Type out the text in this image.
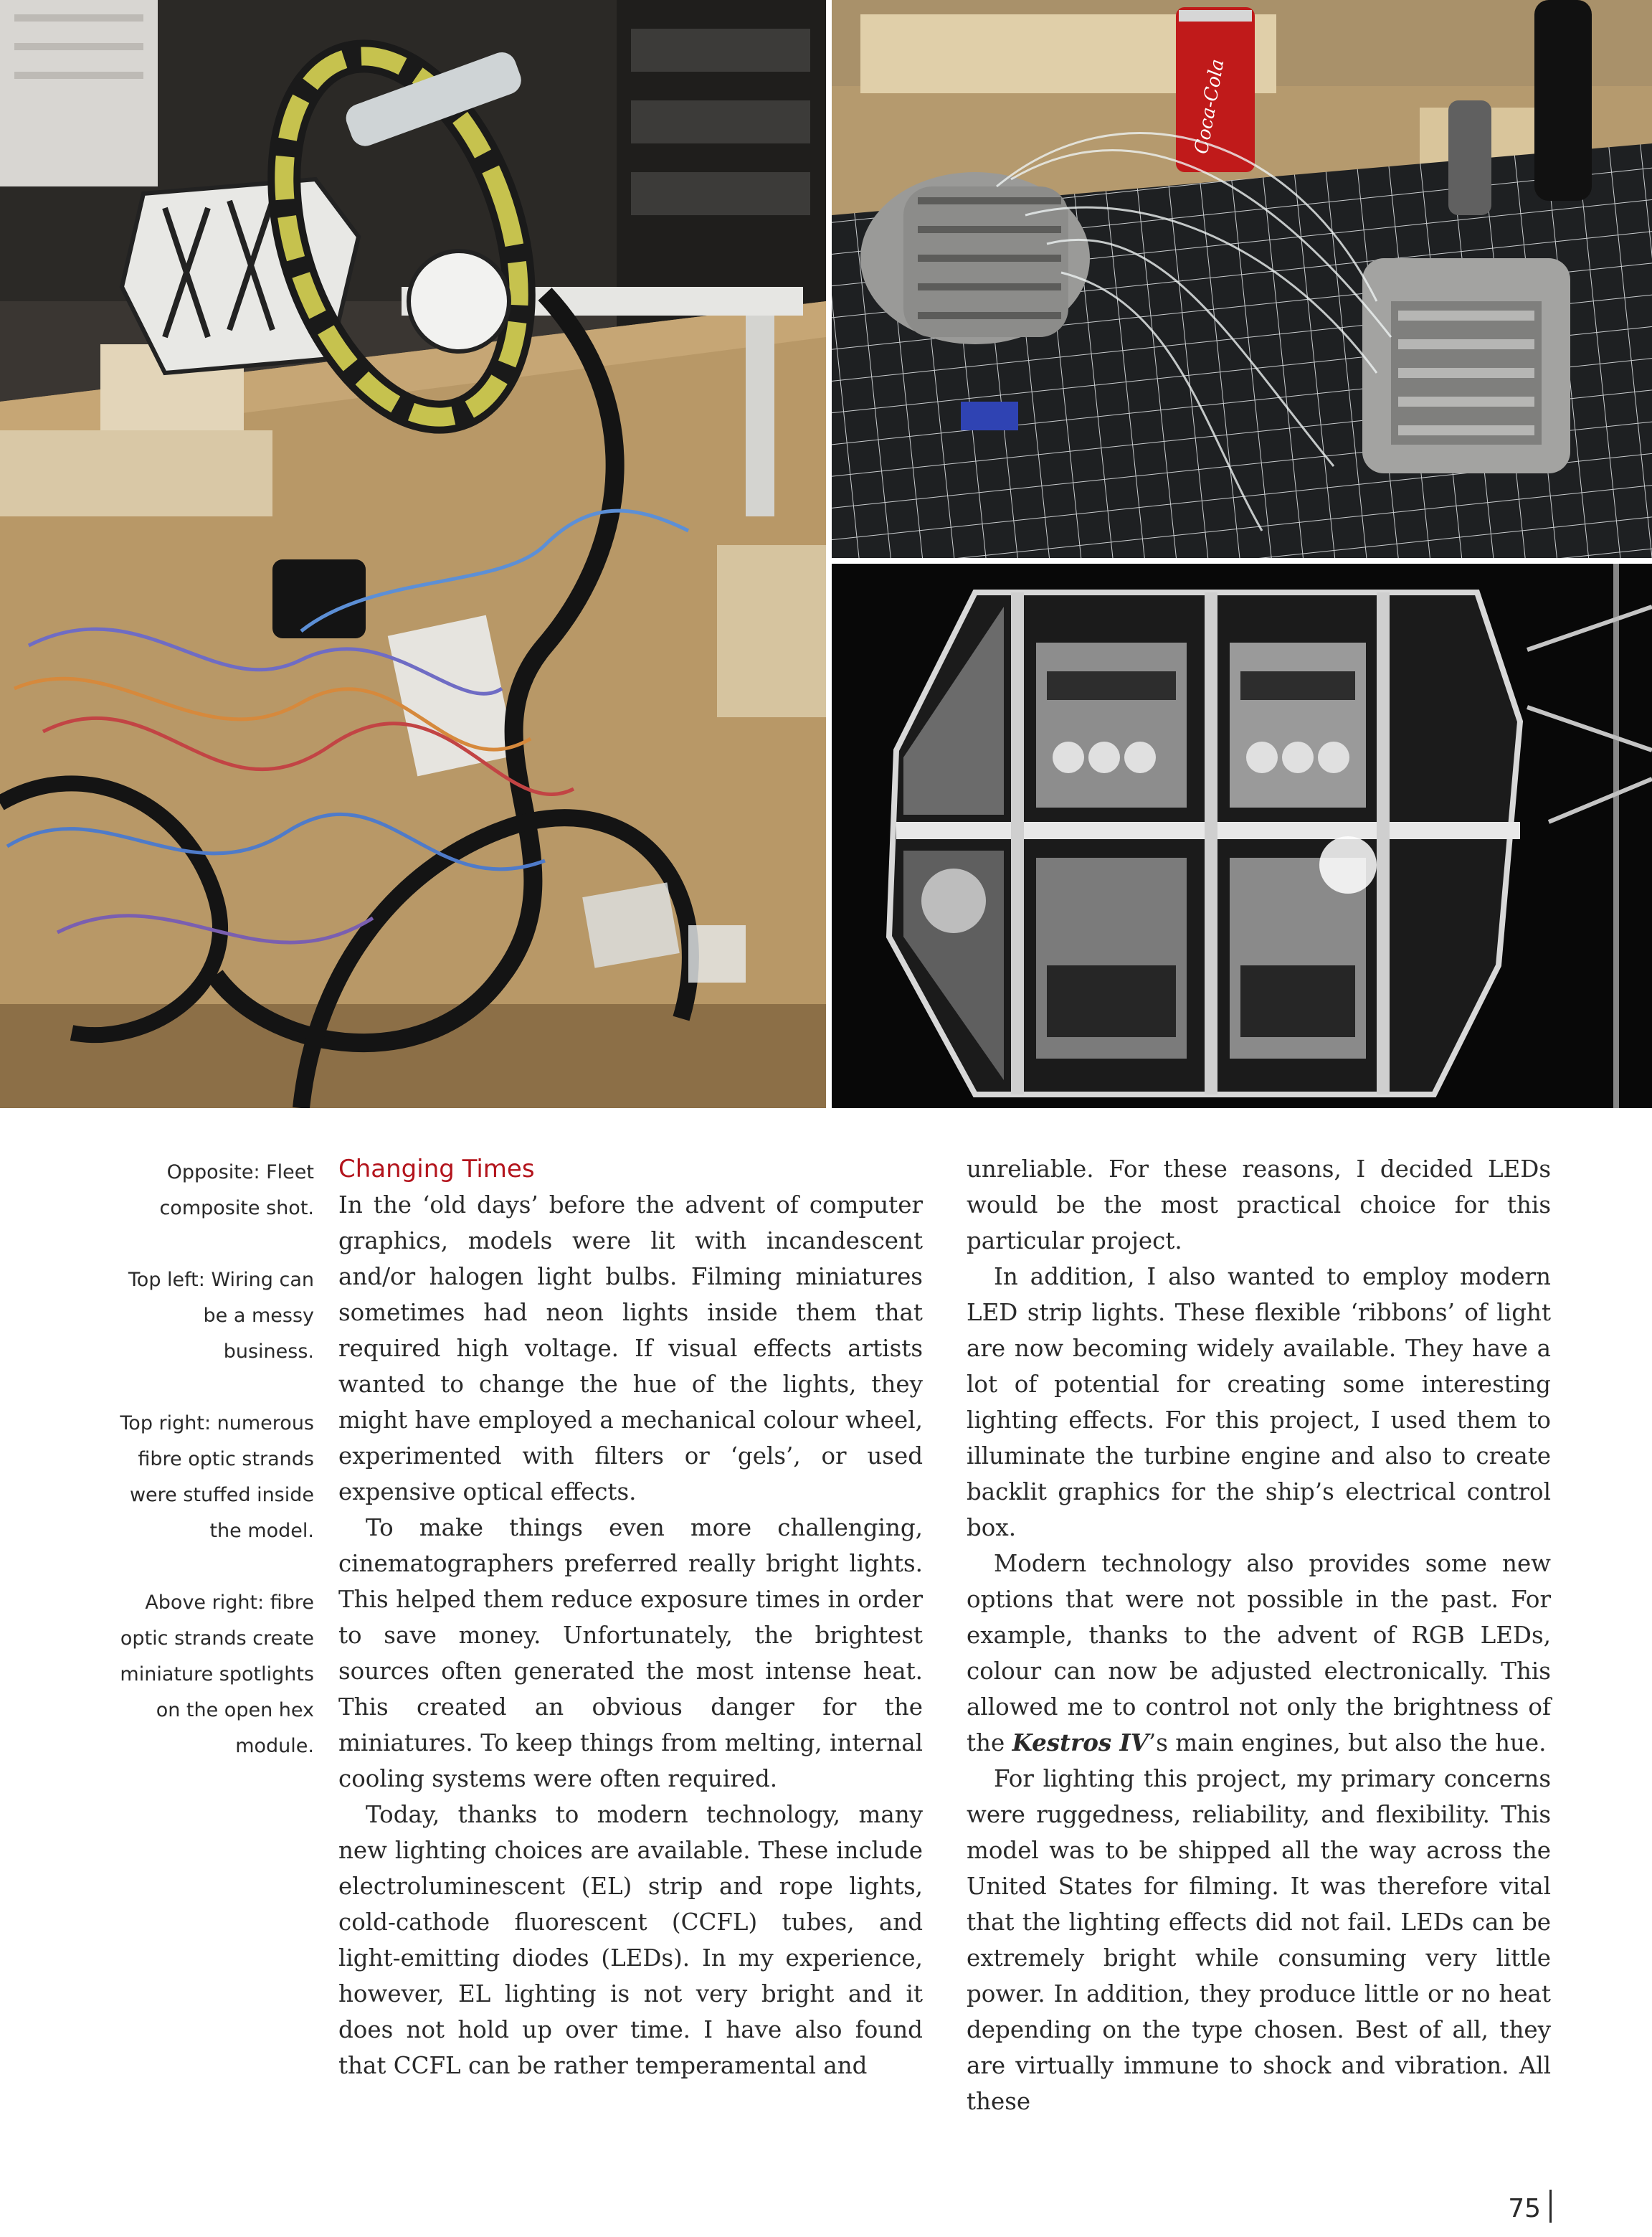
Coca-Cola

Opposite: Fleet composite shot.

Top left: Wiring can be a messy business.

Top right: numerous fibre optic strands were stuffed inside the model.

Above right: fibre optic strands create miniature spotlights on the open hex module.

Changing Times

In the ‘old days’ before the advent of computer graphics, models were lit with incandescent and/or halogen light bulbs. Filming miniatures sometimes had neon lights inside them that required high voltage. If visual effects artists wanted to change the hue of the lights, they might have employed a mechanical colour wheel, experimented with filters or ‘gels’, or used expensive optical effects.

To make things even more challenging, cinematographers preferred really bright lights. This helped them reduce exposure times in order to save money. Unfortunately, the brightest sources often generated the most intense heat. This created an obvious danger for the miniatures. To keep things from melting, internal cooling systems were often required.

Today, thanks to modern technology, many new lighting choices are available. These include electroluminescent (EL) strip and rope lights, cold-cathode fluorescent (CCFL) tubes, and light-emitting diodes (LEDs). In my experience, however, EL lighting is not very bright and it does not hold up over time. I have also found that CCFL can be rather temperamental and

unreliable. For these reasons, I decided LEDs would be the most practical choice for this particular project.

In addition, I also wanted to employ modern LED strip lights. These flexible ‘ribbons’ of light are now becoming widely available. They have a lot of potential for creating some interesting lighting effects. For this project, I used them to illuminate the turbine engine and also to create backlit graphics for the ship’s electrical control box.

Modern technology also provides some new options that were not possible in the past. For example, thanks to the advent of RGB LEDs, colour can now be adjusted electronically. This allowed me to control not only the brightness of the Kestros IV’s main engines, but also the hue.

For lighting this project, my primary concerns were ruggedness, reliability, and flexibility. This model was to be shipped all the way across the United States for filming. It was therefore vital that the lighting effects did not fail. LEDs can be extremely bright while consuming very little power. In addition, they produce little or no heat depending on the type chosen. Best of all, they are virtually immune to shock and vibration. All these

75
